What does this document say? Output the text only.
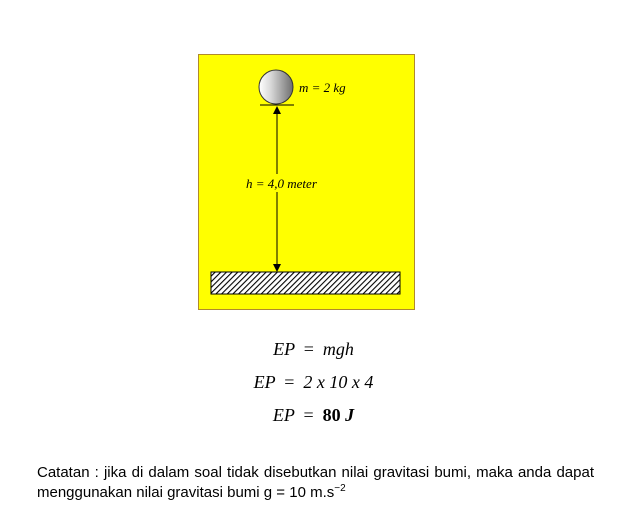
m = 2 kg
h = 4,0 meter
EP  =  mgh
EP  =  2 x 10 x 4
EP  =  80 J
Catatan : jika di dalam soal tidak disebutkan nilai gravitasi bumi, maka anda dapat menggunakan nilai gravitasi bumi g = 10 $m.s^{-2}$
